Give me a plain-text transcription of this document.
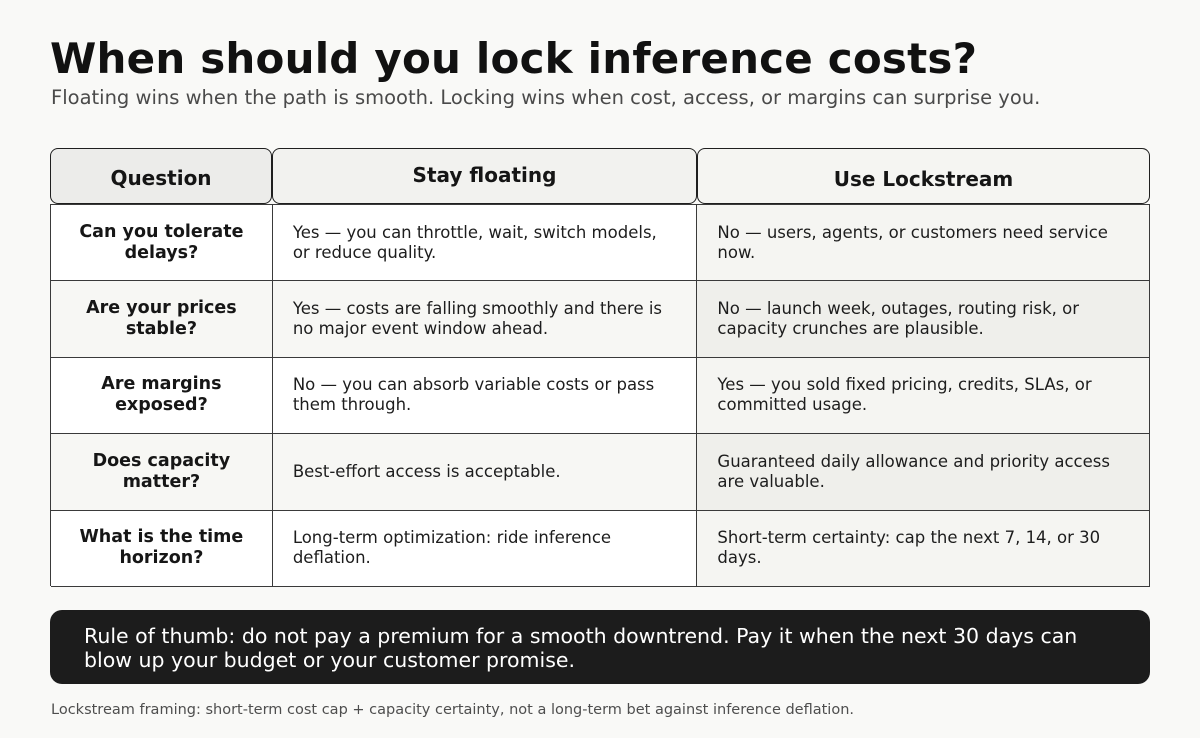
When should you lock inference costs?

Floating wins when the path is smooth. Locking wins when cost, access, or margins can surprise you.

Question	Stay floating	Use Lockstream
Can you tolerate delays?
Yes — you can throttle, wait, switch models, or reduce quality.
No — users, agents, or customers need service now.
Are your prices stable?
Yes — costs are falling smoothly and there is no major event window ahead.
No — launch week, outages, routing risk, or capacity crunches are plausible.
Are margins exposed?
No — you can absorb variable costs or pass them through.
Yes — you sold fixed pricing, credits, SLAs, or committed usage.
Does capacity matter?
Best-effort access is acceptable.
Guaranteed daily allowance and priority access are valuable.
What is the time horizon?
Long-term optimization: ride inference deflation.
Short-term certainty: cap the next 7, 14, or 30 days.
Rule of thumb: do not pay a premium for a smooth downtrend. Pay it when the next 30 days can blow up your budget or your customer promise.
Lockstream framing: short-term cost cap + capacity certainty, not a long-term bet against inference deflation.
